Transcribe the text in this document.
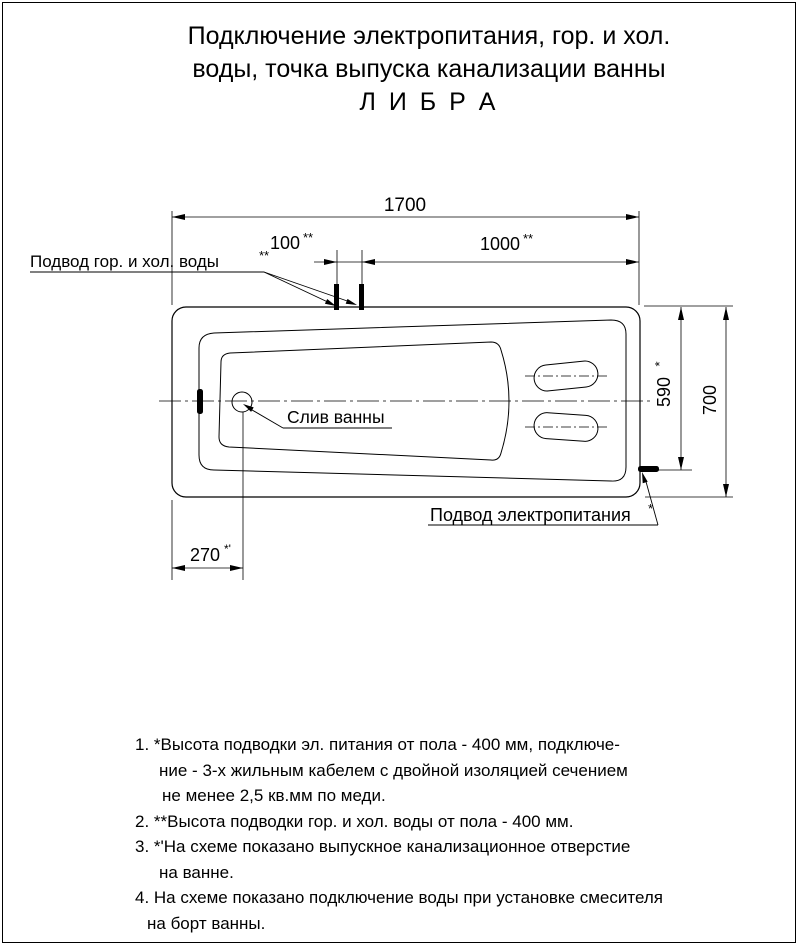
Подключение электропитания, гор. и хол.
воды, точка выпуска канализации ванны
Л И Б Р А
1700
100 **	1000 **
590
*
700
270 *'
Подвод гор. и хол. воды	**
Слив ванны
Подвод электропитания *
1. *Высота подводки эл. питания от пола - 400 мм, подключе-
ние - 3-х жильным кабелем с двойной изоляцией сечением
не менее 2,5 кв.мм по меди.
2. **Высота подводки гор. и хол. воды от пола - 400 мм.
3. *'На схеме показано выпускное канализационное отверстие
на ванне.
4. На схеме показано подключение воды при установке смесителя
на борт ванны.
